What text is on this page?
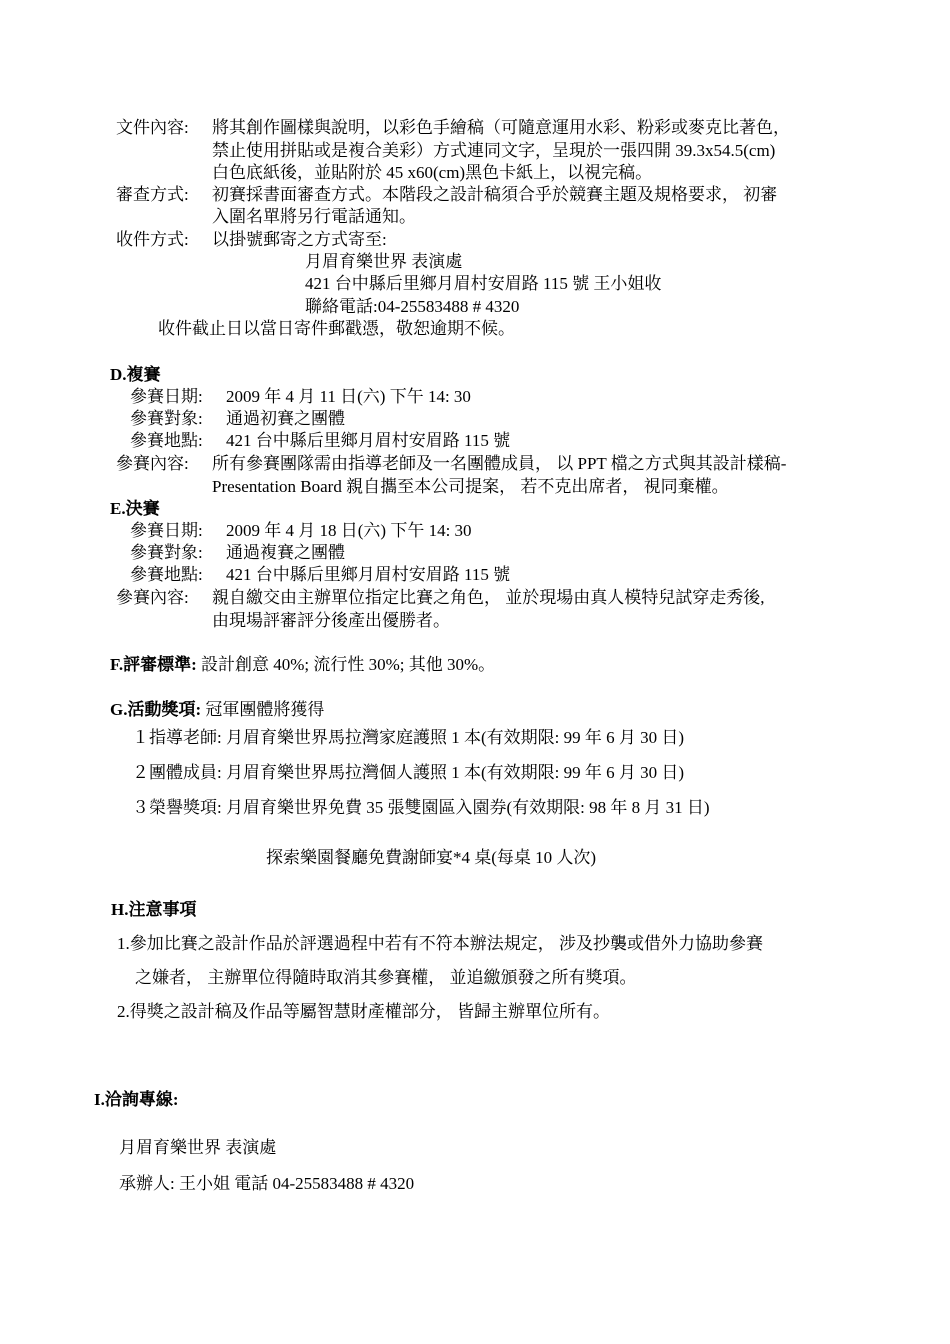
文件內容: 將其創作圖樣與說明，以彩色手繪稿（可隨意運用水彩、粉彩或麥克比著色，
禁止使用拼貼或是複合美彩）方式連同文字，呈現於一張四開 39.3x54.5(cm)
白色底紙後，並貼附於 45 x60(cm)黑色卡紙上，以視完稿。
審查方式: 初賽採書面審查方式。本階段之設計稿須合乎於競賽主題及規格要求， 初審
入圍名單將另行電話通知。
收件方式: 以掛號郵寄之方式寄至:
月眉育樂世界 表演處
421 台中縣后里鄉月眉村安眉路 115 號 王小姐收
聯絡電話:04-25583488 # 4320
收件截止日以當日寄件郵戳憑，敬恕逾期不候。
D.複賽
參賽日期: 2009 年 4 月 11 日(六) 下午 14: 30
參賽對象: 通過初賽之團體
參賽地點: 421 台中縣后里鄉月眉村安眉路 115 號
參賽內容: 所有參賽團隊需由指導老師及一名團體成員， 以 PPT 檔之方式與其設計樣稿-
Presentation Board 親自攜至本公司提案， 若不克出席者， 視同棄權。
E.決賽
參賽日期: 2009 年 4 月 18 日(六) 下午 14: 30
參賽對象: 通過複賽之團體
參賽地點: 421 台中縣后里鄉月眉村安眉路 115 號
參賽內容: 親自繳交由主辦單位指定比賽之角色， 並於現場由真人模特兒試穿走秀後,
由現場評審評分後產出優勝者。
F.評審標準: 設計創意 40%; 流行性 30%; 其他 30%。
G.活動獎項: 冠軍團體將獲得
１指導老師: 月眉育樂世界馬拉灣家庭護照 1 本(有效期限: 99 年 6 月 30 日)
２團體成員: 月眉育樂世界馬拉灣個人護照 1 本(有效期限: 99 年 6 月 30 日)
３榮譽獎項: 月眉育樂世界免費 35 張雙園區入園券(有效期限: 98 年 8 月 31 日)
探索樂園餐廳免費謝師宴*4 桌(每桌 10 人次)
H.注意事項
1.參加比賽之設計作品於評選過程中若有不符本辦法規定， 涉及抄襲或借外力協助參賽
之嫌者， 主辦單位得隨時取消其參賽權， 並追繳頒發之所有獎項。
2.得獎之設計稿及作品等屬智慧財產權部分， 皆歸主辦單位所有。
I.洽詢專線:
月眉育樂世界 表演處
承辦人: 王小姐 電話 04-25583488 # 4320
